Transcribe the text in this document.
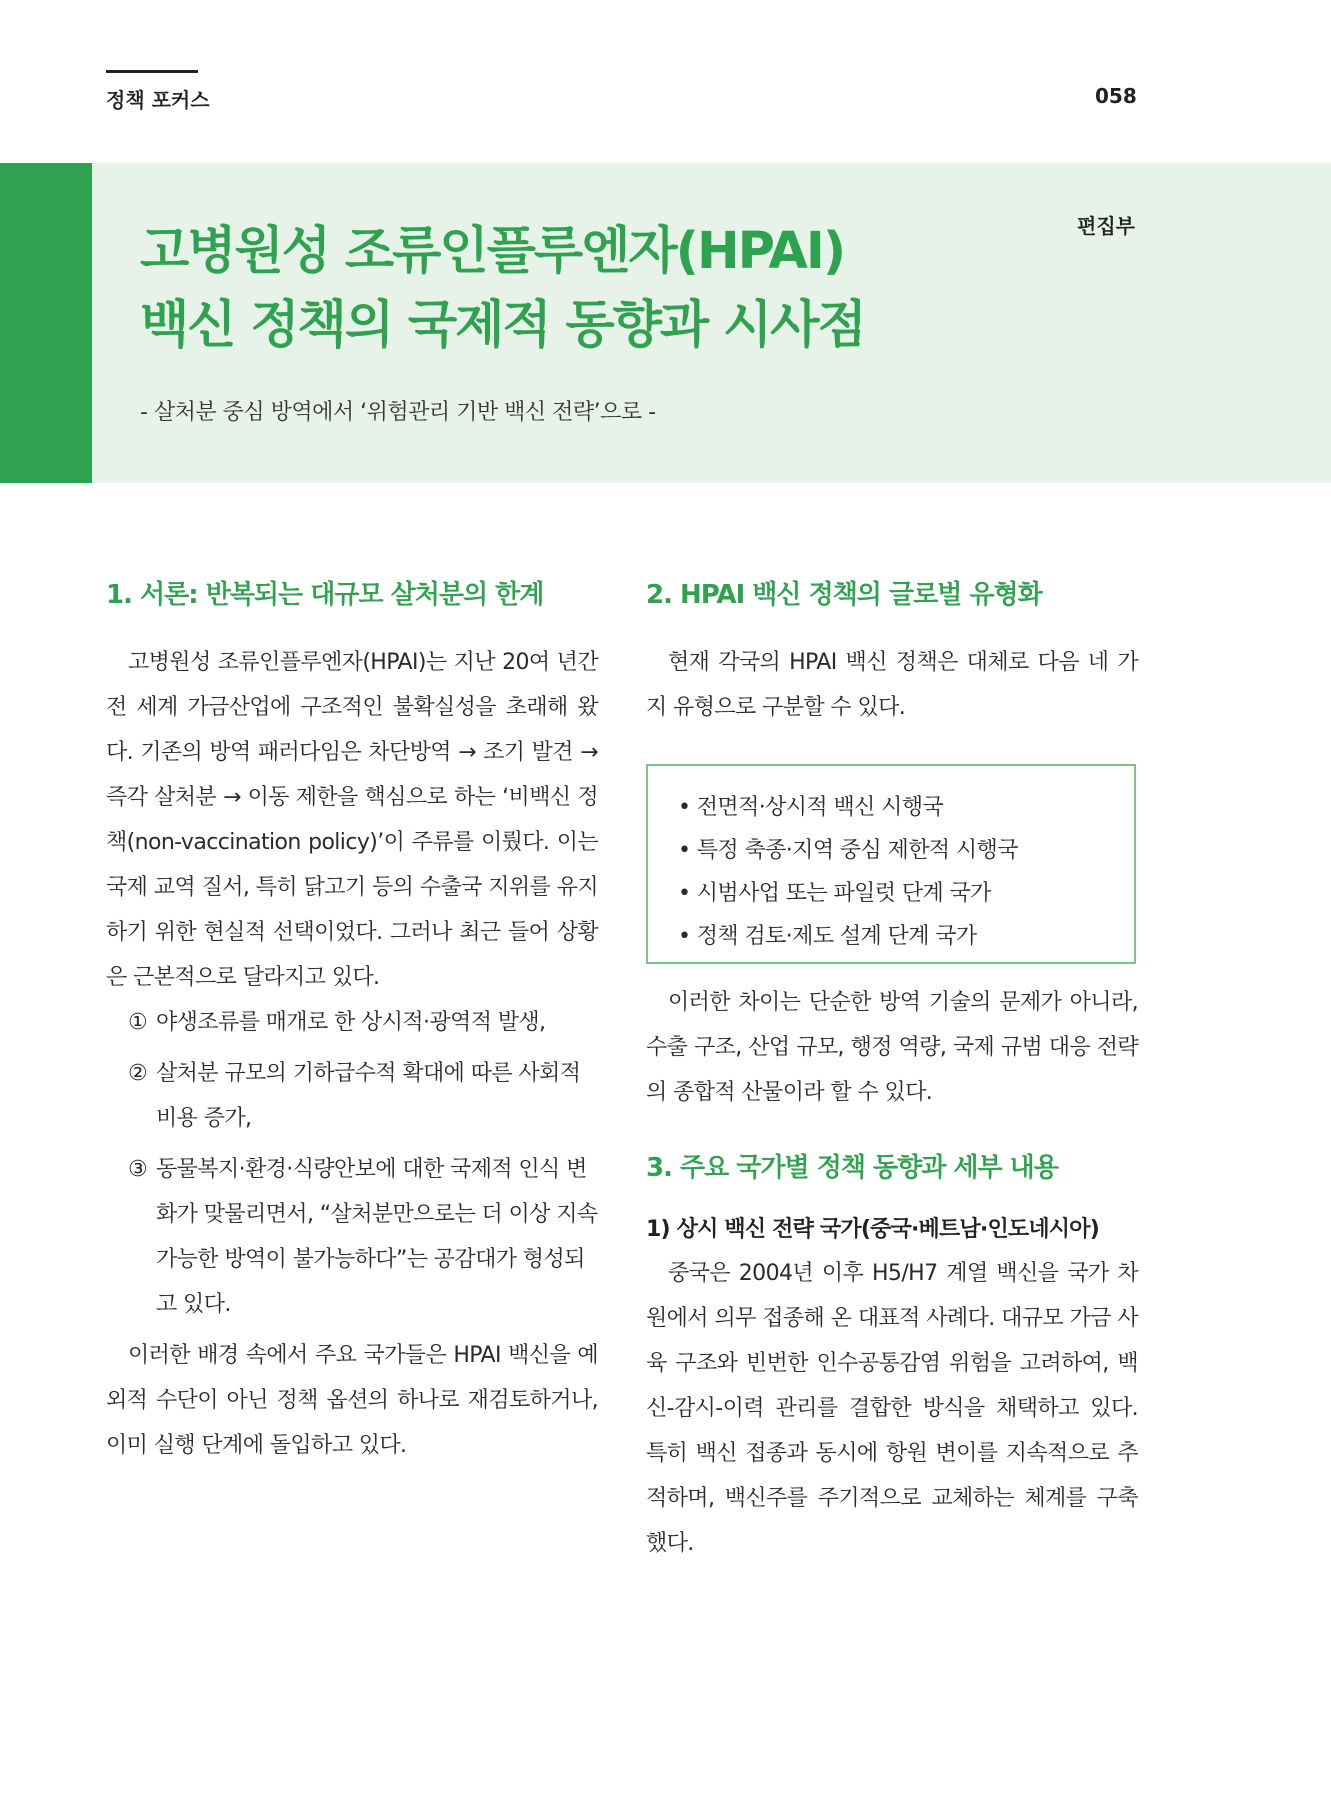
정책 포커스	058
고병원성 조류인플루엔자(HPAI)
백신 정책의 국제적 동향과 시사점
- 살처분 중심 방역에서 ‘위험관리 기반 백신 전략’으로 -
편집부
1. 서론: 반복되는 대규모 살처분의 한계

고병원성 조류인플루엔자(HPAI)는 지난 20여 년간 전 세계 가금산업에 구조적인 불확실성을 초래해 왔다. 기존의 방역 패러다임은 차단방역 → 조기 발견 → 즉각 살처분 → 이동 제한을 핵심으로 하는 ‘비백신 정책(non-vaccination policy)’이 주류를 이뤘다. 이는 국제 교역 질서, 특히 닭고기 등의 수출국 지위를 유지하기 위한 현실적 선택이었다. 그러나 최근 들어 상황은 근본적으로 달라지고 있다.

① 야생조류를 매개로 한 상시적·광역적 발생,
② 살처분 규모의 기하급수적 확대에 따른 사회적 비용 증가,
③ 동물복지·환경·식량안보에 대한 국제적 인식 변화가 맞물리면서, “살처분만으로는 더 이상 지속 가능한 방역이 불가능하다”는 공감대가 형성되고 있다.

이러한 배경 속에서 주요 국가들은 HPAI 백신을 예외적 수단이 아닌 정책 옵션의 하나로 재검토하거나, 이미 실행 단계에 돌입하고 있다.

2. HPAI 백신 정책의 글로벌 유형화

현재 각국의 HPAI 백신 정책은 대체로 다음 네 가지 유형으로 구분할 수 있다.

• 전면적·상시적 백신 시행국
• 특정 축종·지역 중심 제한적 시행국
• 시범사업 또는 파일럿 단계 국가
• 정책 검토·제도 설계 단계 국가

이러한 차이는 단순한 방역 기술의 문제가 아니라, 수출 구조, 산업 규모, 행정 역량, 국제 규범 대응 전략의 종합적 산물이라 할 수 있다.

3. 주요 국가별 정책 동향과 세부 내용
1) 상시 백신 전략 국가(중국·베트남·인도네시아)

중국은 2004년 이후 H5/H7 계열 백신을 국가 차원에서 의무 접종해 온 대표적 사례다. 대규모 가금 사육 구조와 빈번한 인수공통감염 위험을 고려하여, 백신-감시-이력 관리를 결합한 방식을 채택하고 있다. 특히 백신 접종과 동시에 항원 변이를 지속적으로 추적하며, 백신주를 주기적으로 교체하는 체계를 구축했다.
